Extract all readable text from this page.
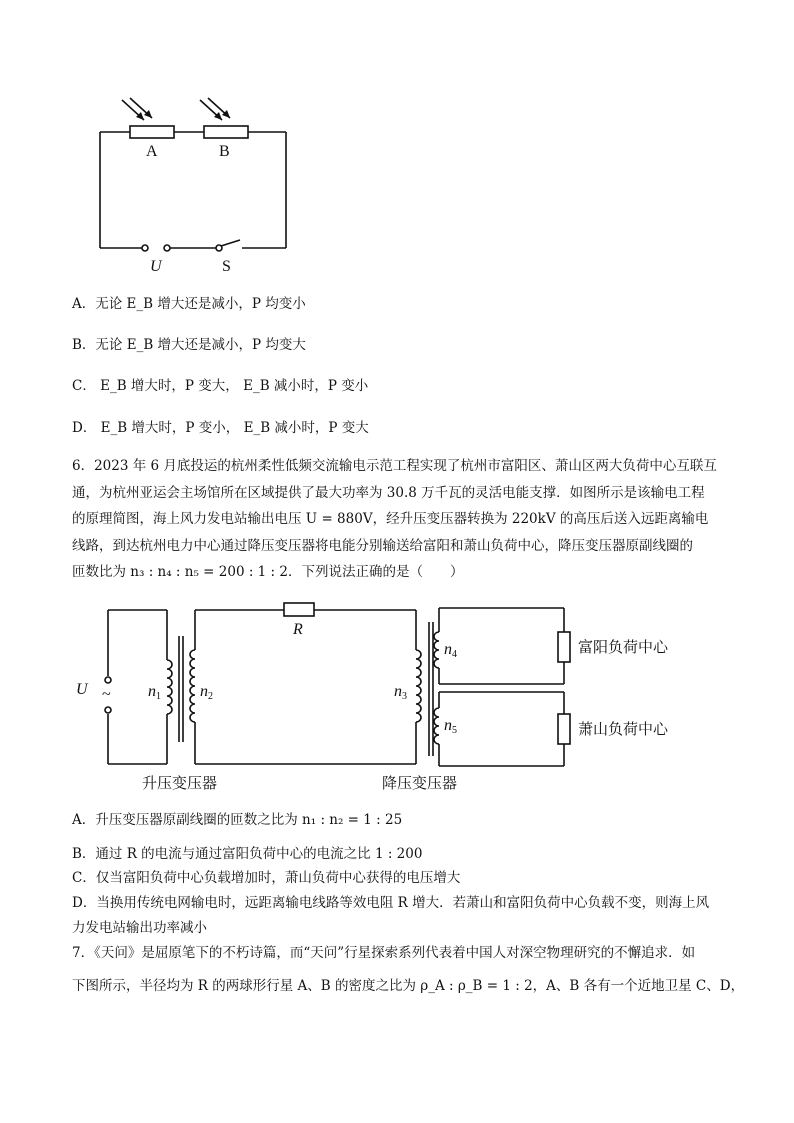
A	B
U	S
A．无论 E_B 增大还是减小，P 均变小
B．无论 E_B 增大还是减小，P 均变大
C． E_B 增大时，P 变大， E_B 减小时，P 变小
D． E_B 增大时，P 变小， E_B 减小时，P 变大
6．2023 年 6 月底投运的杭州柔性低频交流输电示范工程实现了杭州市富阳区、萧山区两大负荷中心互联互
通，为杭州亚运会主场馆所在区域提供了最大功率为 30.8 万千瓦的灵活电能支撑．如图所示是该输电工程
的原理简图，海上风力发电站输出电压 U = 880V，经升压变压器转换为 220kV 的高压后送入远距离输电
线路，到达杭州电力中心通过降压变压器将电能分别输送给富阳和萧山负荷中心，降压变压器原副线圈的
匝数比为 n₃ : n₄ : n₅ = 200 : 1 : 2．下列说法正确的是（　　）
U ~
R
n1 n2	n3
n4
n5
富阳负荷中心
萧山负荷中心
升压变压器	降压变压器
A．升压变压器原副线圈的匝数之比为 n₁ : n₂ = 1 : 25
B．通过 R 的电流与通过富阳负荷中心的电流之比 1 : 200
C．仅当富阳负荷中心负载增加时，萧山负荷中心获得的电压增大
D．当换用传统电网输电时，远距离输电线路等效电阻 R 增大．若萧山和富阳负荷中心负载不变，则海上风
力发电站输出功率减小
7．《天问》是屈原笔下的不朽诗篇，而“天问”行星探索系列代表着中国人对深空物理研究的不懈追求．如
下图所示，半径均为 R 的两球形行星 A、B 的密度之比为 ρ_A : ρ_B = 1 : 2，A、B 各有一个近地卫星 C、D，
